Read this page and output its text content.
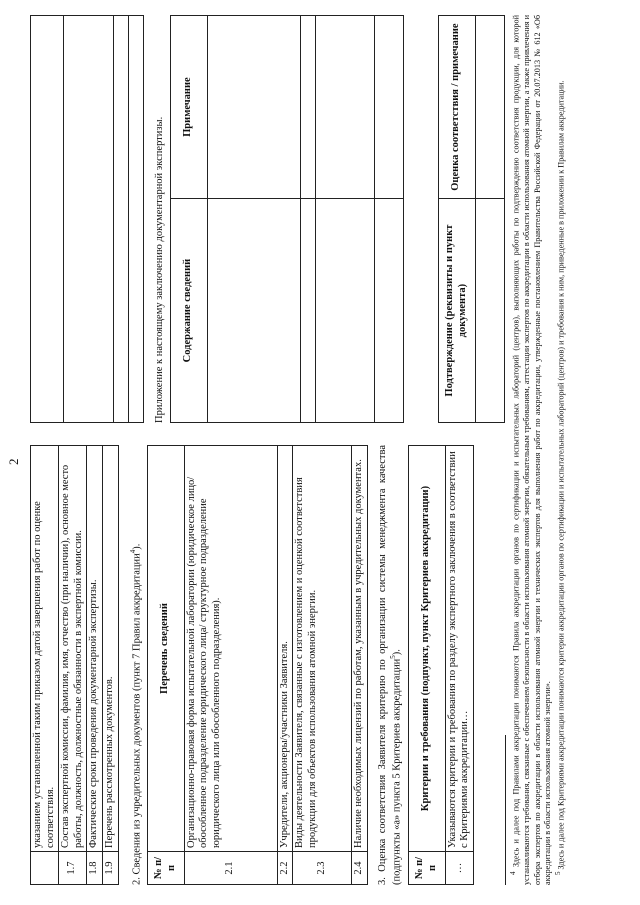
2
	указанием установленной таким приказом датой завершения работ по оценке соответствия.
1.7	Состав экспертной комиссии, фамилия, имя, отчество (при наличии), основное место работы, должность, должностные обязанности в экспертной комиссии.
1.8	Фактические сроки проведения документарной экспертизы.
1.9	Перечень рассмотренных документов. 2. Сведения из учредительных документов (пункт 7 Правил аккредитации$^4$).
№ п/п	Перечень сведений
2.1	Организационно-правовая форма испытательной лаборатории (юридическое лицо/ обособленное подразделение юридического лица/ структурное подразделение юридического лица или обособленного подразделения).
2.2	Учредители, акционеры/участники Заявителя.
2.3	Виды деятельности Заявителя, связанные с изготовлением и оценкой соответствия продукции для объектов использования атомной энергии.
2.4	Наличие необходимых лицензий по работам, указанным в учредительных документах. 3. Оценка соответствия Заявителя критерию по организации системы менеджмента качества (подпункты «а» пункта 5 Критериев аккредитации$^5$).
№ п/п	Критерии и требования (подпункт, пункт Критериев аккредитации)
…	Указываются критерии и требования по разделу экспертного заключения в соответствии с Критериями аккредитации…

Приложение к настоящему заключению документарной экспертизы. Содержание сведений	Примечание

Подтверждение (реквизиты и пункт документа)	Оценка соответствия / примечание

$^4$ Здесь и далее под Правилами аккредитации понимаются Правила аккредитации органов по сертификации и испытательных лабораторий (центров), выполняющих работы по подтверждению соответствия продукции, для которой устанавливаются требования, связанные с обеспечением безопасности в области использования атомной энергии, обязательным требованиям, аттестации экспертов по аккредитации в области использования атомной энергии, а также привлечения и отбора экспертов по аккредитации в области использования атомной энергии и технических экспертов для выполнения работ по аккредитации, утвержденные постановлением Правительства Российской Федерации от 20.07.2013 № 612 «Об аккредитации в области использования атомной энергии». $^5$ Здесь и далее под Критериями аккредитации понимаются критерии аккредитации органов по сертификации и испытательных лабораторий (центров) и требования к ним, приведенные в приложении к Правилам аккредитации.
